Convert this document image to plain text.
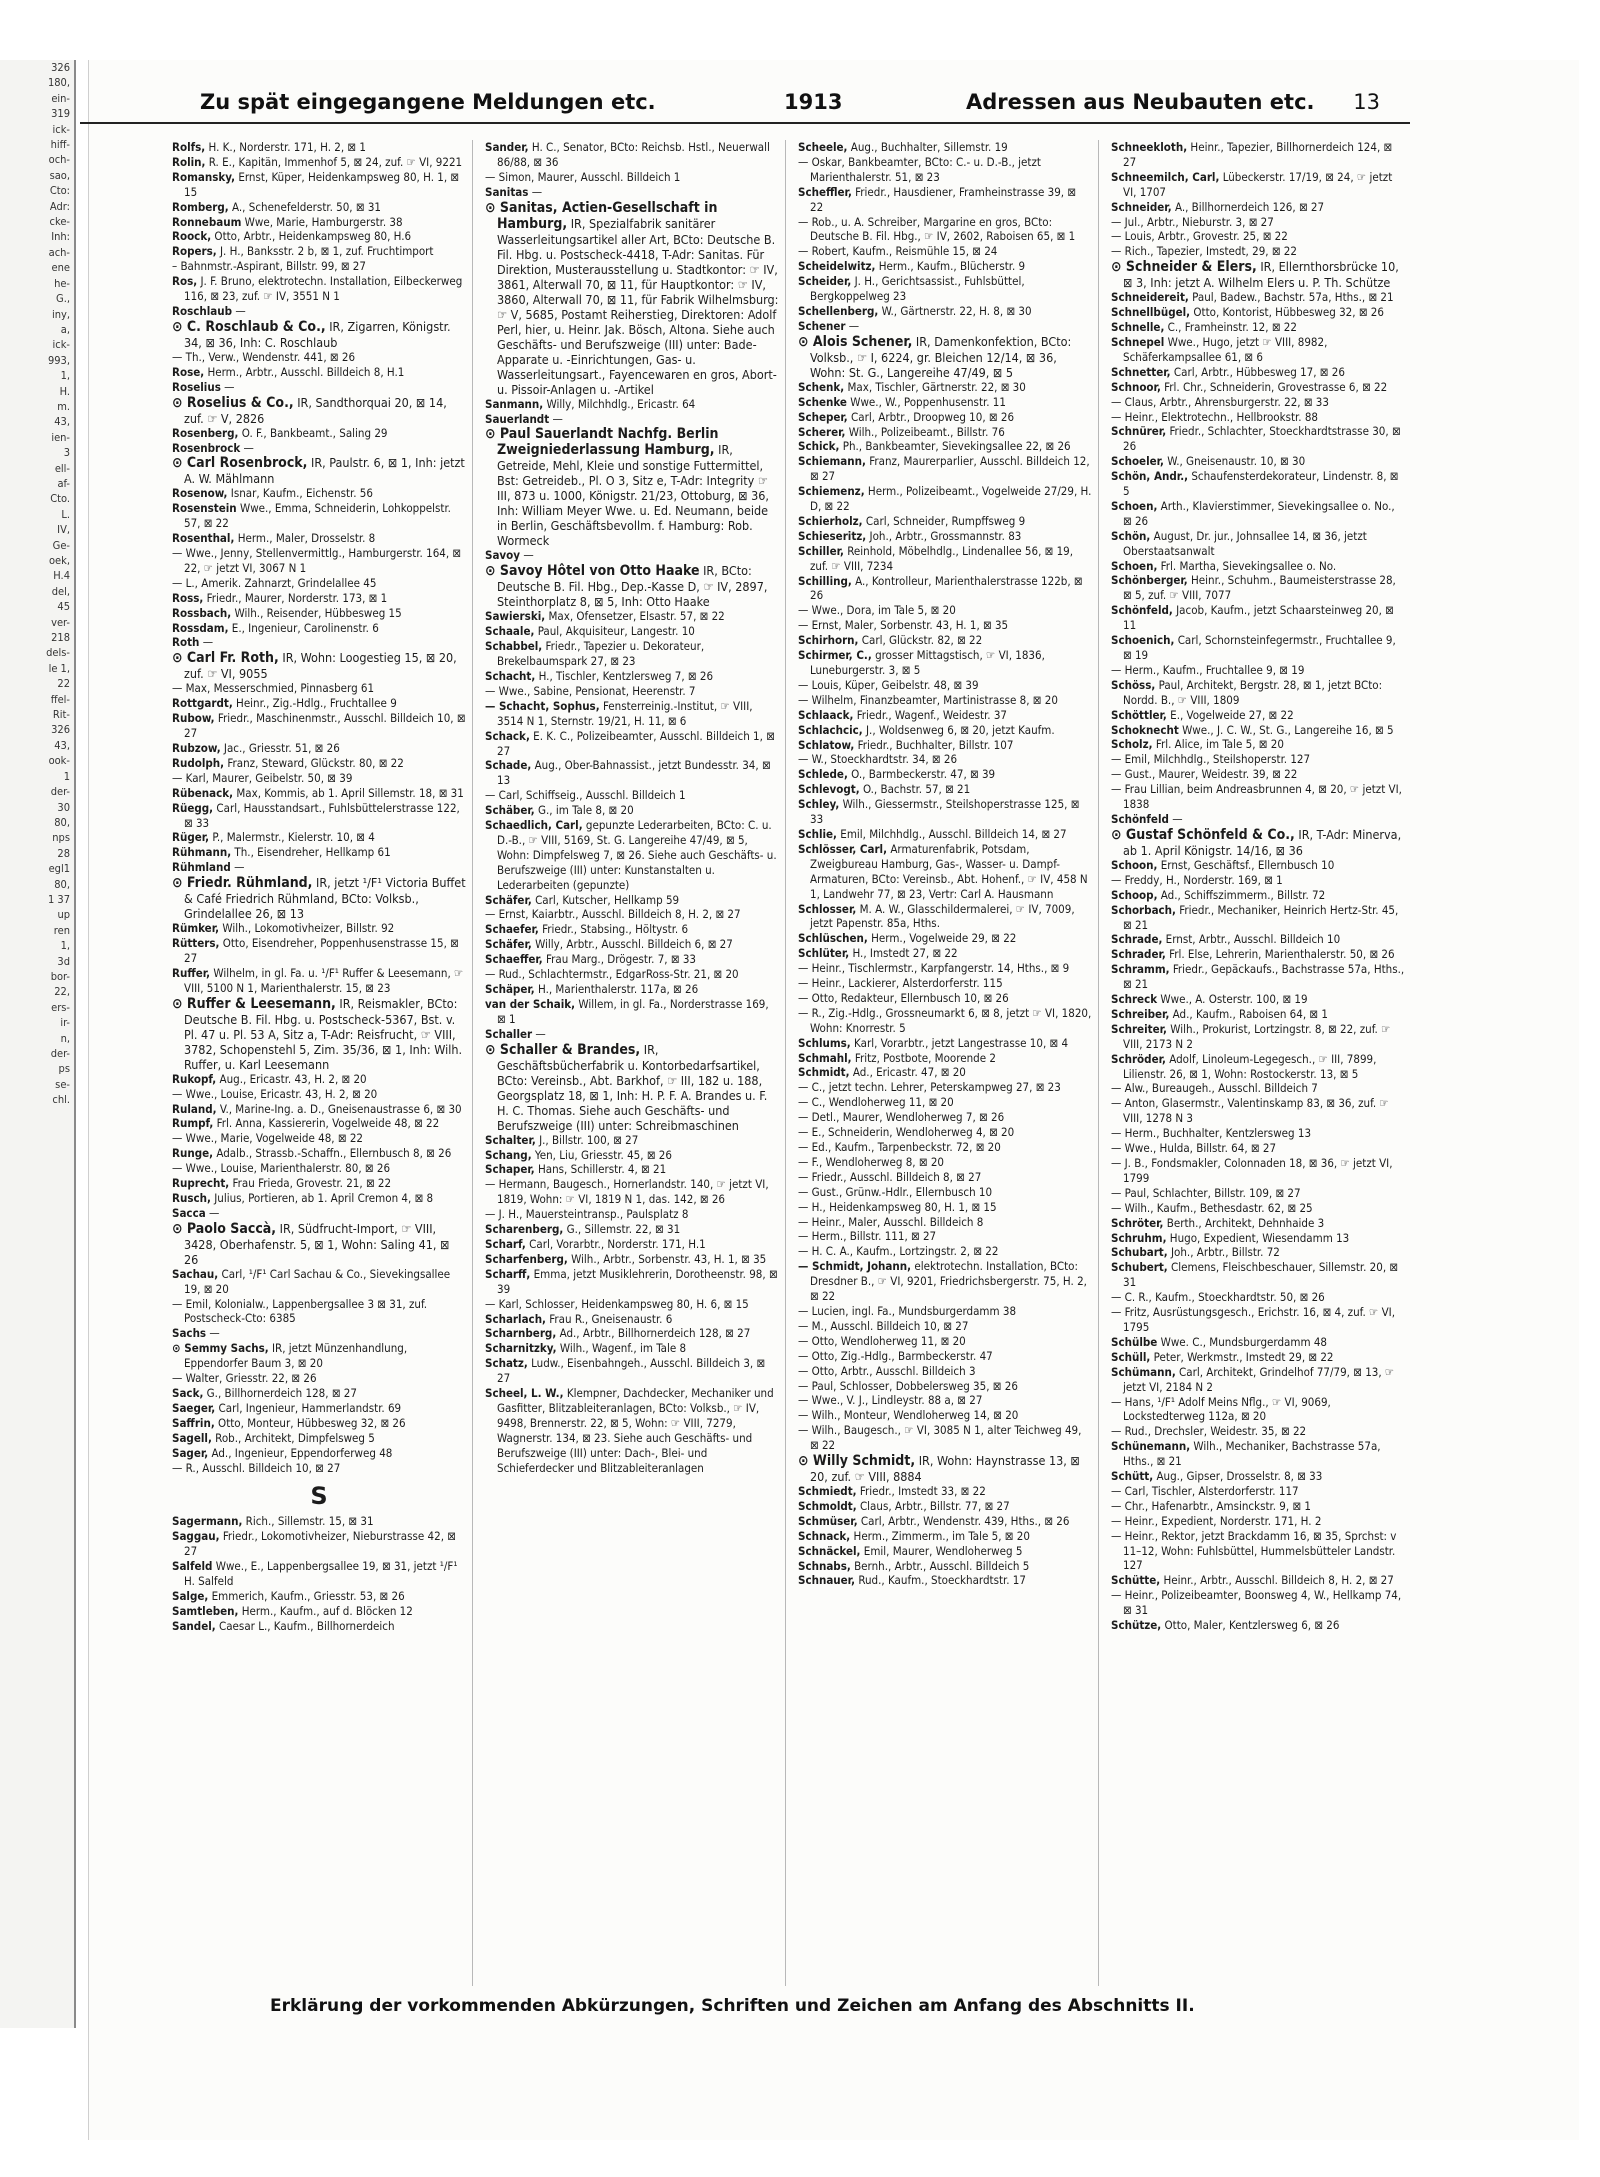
326
180,
ein-
319
ick-
hiff-
och-
sao,
Cto:
Adr:
cke-
Inh:
ach-
ene
he-
G.,
iny,
a,
ick-
993,
1,
H.
m.
43,
ien-
3
ell-
af-
Cto.
L.
IV,
Ge-
oek,
H.4
del,
45
ver-
218
dels-
le 1,
22
ffel-
Rit-
326
43,
ook-
1
der-
30
80,
nps
28
egl1
80,
1 37
up
ren
1,
3d
bor-
22,
ers-
ir-
n,
der-
ps
se-
chl.
Zu spät eingegangene Meldungen etc.	1913	Adressen aus Neubauten etc. 13

Rolfs, H. K., Norderstr. 171, H. 2, ⊠ 1

Rolin, R. E., Kapitän, Immenhof 5, ⊠ 24, zuf. ☞ VI, 9221

Romansky, Ernst, Küper, Heidenkampsweg 80, H. 1, ⊠ 15

Romberg, A., Schenefelderstr. 50, ⊠ 31

Ronnebaum Wwe, Marie, Hamburgerstr. 38

Roock, Otto, Arbtr., Heidenkampsweg 80, H.6

Ropers, J. H., Banksstr. 2 b, ⊠ 1, zuf. Fruchtimport

– Bahnmstr.-Aspirant, Billstr. 99, ⊠ 27

Ros, J. F. Bruno, elektrotechn. Installation, Eilbeckerweg 116, ⊠ 23, zuf. ☞ IV, 3551 N 1

Roschlaub —

⊙ C. Roschlaub & Co., IR, Zigarren, Königstr. 34, ⊠ 36, Inh: C. Roschlaub

— Th., Verw., Wendenstr. 441, ⊠ 26

Rose, Herm., Arbtr., Ausschl. Billdeich 8, H.1

Roselius —

⊙ Roselius & Co., IR, Sandthorquai 20, ⊠ 14, zuf. ☞ V, 2826

Rosenberg, O. F., Bankbeamt., Saling 29

Rosenbrock —

⊙ Carl Rosenbrock, IR, Paulstr. 6, ⊠ 1, Inh: jetzt A. W. Mählmann

Rosenow, Isnar, Kaufm., Eichenstr. 56

Rosenstein Wwe., Emma, Schneiderin, Lohkoppelstr. 57, ⊠ 22

Rosenthal, Herm., Maler, Drosselstr. 8

— Wwe., Jenny, Stellenvermittlg., Hamburgerstr. 164, ⊠ 22, ☞ jetzt VI, 3067 N 1

— L., Amerik. Zahnarzt, Grindelallee 45

Ross, Friedr., Maurer, Norderstr. 173, ⊠ 1

Rossbach, Wilh., Reisender, Hübbesweg 15

Rossdam, E., Ingenieur, Carolinenstr. 6

Roth —

⊙ Carl Fr. Roth, IR, Wohn: Loogestieg 15, ⊠ 20, zuf. ☞ VI, 9055

— Max, Messerschmied, Pinnasberg 61

Rottgardt, Heinr., Zig.-Hdlg., Fruchtallee 9

Rubow, Friedr., Maschinenmstr., Ausschl. Billdeich 10, ⊠ 27

Rubzow, Jac., Griesstr. 51, ⊠ 26

Rudolph, Franz, Steward, Glückstr. 80, ⊠ 22

— Karl, Maurer, Geibelstr. 50, ⊠ 39

Rübenack, Max, Kommis, ab 1. April Sillemstr. 18, ⊠ 31

Rüegg, Carl, Hausstandsart., Fuhlsbüttelerstrasse 122, ⊠ 33

Rüger, P., Malermstr., Kielerstr. 10, ⊠ 4

Rühmann, Th., Eisendreher, Hellkamp 61

Rühmland —

⊙ Friedr. Rühmland, IR, jetzt ¹/F¹ Victoria Buffet & Café Friedrich Rühmland, BCto: Volksb., Grindelallee 26, ⊠ 13

Rümker, Wilh., Lokomotivheizer, Billstr. 92

Rütters, Otto, Eisendreher, Poppenhusenstrasse 15, ⊠ 27

Ruffer, Wilhelm, in gl. Fa. u. ¹/F¹ Ruffer & Leesemann, ☞ VIII, 5100 N 1, Marienthalerstr. 15, ⊠ 23

⊙ Ruffer & Leesemann, IR, Reismakler, BCto: Deutsche B. Fil. Hbg. u. Postscheck-5367, Bst. v. Pl. 47 u. Pl. 53 A, Sitz a, T-Adr: Reisfrucht, ☞ VIII, 3782, Schopenstehl 5, Zim. 35/36, ⊠ 1, Inh: Wilh. Ruffer, u. Karl Leesemann

Rukopf, Aug., Ericastr. 43, H. 2, ⊠ 20

— Wwe., Louise, Ericastr. 43, H. 2, ⊠ 20

Ruland, V., Marine-Ing. a. D., Gneisenaustrasse 6, ⊠ 30

Rumpf, Frl. Anna, Kassiererin, Vogelweide 48, ⊠ 22

— Wwe., Marie, Vogelweide 48, ⊠ 22

Runge, Adalb., Strassb.-Schaffn., Ellernbusch 8, ⊠ 26

— Wwe., Louise, Marienthalerstr. 80, ⊠ 26

Ruprecht, Frau Frieda, Grovestr. 21, ⊠ 22

Rusch, Julius, Portieren, ab 1. April Cremon 4, ⊠ 8

Sacca —

⊙ Paolo Saccà, IR, Südfrucht-Import, ☞ VIII, 3428, Oberhafenstr. 5, ⊠ 1, Wohn: Saling 41, ⊠ 26

Sachau, Carl, ¹/F¹ Carl Sachau & Co., Sievekingsallee 19, ⊠ 20

— Emil, Kolonialw., Lappenbergsallee 3 ⊠ 31, zuf. Postscheck-Cto: 6385

Sachs —

⊙ Semmy Sachs, IR, jetzt Münzenhandlung, Eppendorfer Baum 3, ⊠ 20

— Walter, Griesstr. 22, ⊠ 26

Sack, G., Billhornerdeich 128, ⊠ 27

Saeger, Carl, Ingenieur, Hammerlandstr. 69

Saffrin, Otto, Monteur, Hübbesweg 32, ⊠ 26

Sagell, Rob., Architekt, Dimpfelsweg 5

Sager, Ad., Ingenieur, Eppendorferweg 48

— R., Ausschl. Billdeich 10, ⊠ 27

S

Sagermann, Rich., Sillemstr. 15, ⊠ 31

Saggau, Friedr., Lokomotivheizer, Nieburstrasse 42, ⊠ 27

Salfeld Wwe., E., Lappenbergsallee 19, ⊠ 31, jetzt ¹/F¹ H. Salfeld

Salge, Emmerich, Kaufm., Griesstr. 53, ⊠ 26

Samtleben, Herm., Kaufm., auf d. Blöcken 12

Sandel, Caesar L., Kaufm., Billhornerdeich

Sander, H. C., Senator, BCto: Reichsb. Hstl., Neuerwall 86/88, ⊠ 36

— Simon, Maurer, Ausschl. Billdeich 1

Sanitas —

⊙ Sanitas, Actien-Gesellschaft in Hamburg, IR, Spezialfabrik sanitärer Wasserleitungsartikel aller Art, BCto: Deutsche B. Fil. Hbg. u. Postscheck-4418, T-Adr: Sanitas. Für Direktion, Musterausstellung u. Stadtkontor: ☞ IV, 3861, Alterwall 70, ⊠ 11, für Hauptkontor: ☞ IV, 3860, Alterwall 70, ⊠ 11, für Fabrik Wilhelmsburg: ☞ V, 5685, Postamt Reiherstieg, Direktoren: Adolf Perl, hier, u. Heinr. Jak. Bösch, Altona. Siehe auch Geschäfts- und Berufszweige (III) unter: Bade-Apparate u. -Einrichtungen, Gas- u. Wasserleitungsart., Fayencewaren en gros, Abort- u. Pissoir-Anlagen u. -Artikel

Sanmann, Willy, Milchhdlg., Ericastr. 64

Sauerlandt —

⊙ Paul Sauerlandt Nachfg. Berlin Zweigniederlassung Hamburg, IR, Getreide, Mehl, Kleie und sonstige Futtermittel, Bst: Getreideb., Pl. O 3, Sitz e, T-Adr: Integrity ☞ III, 873 u. 1000, Königstr. 21/23, Ottoburg, ⊠ 36, Inh: William Meyer Wwe. u. Ed. Neumann, beide in Berlin, Geschäftsbevollm. f. Hamburg: Rob. Wormeck

Savoy —

⊙ Savoy Hôtel von Otto Haake IR, BCto: Deutsche B. Fil. Hbg., Dep.-Kasse D, ☞ IV, 2897, Steinthorplatz 8, ⊠ 5, Inh: Otto Haake

Sawierski, Max, Ofensetzer, Elsastr. 57, ⊠ 22

Schaale, Paul, Akquisiteur, Langestr. 10

Schabbel, Friedr., Tapezier u. Dekorateur, Brekelbaumspark 27, ⊠ 23

Schacht, H., Tischler, Kentzlersweg 7, ⊠ 26

— Wwe., Sabine, Pensionat, Heerenstr. 7

— Schacht, Sophus, Fensterreinig.-Institut, ☞ VIII, 3514 N 1, Sternstr. 19/21, H. 11, ⊠ 6

Schack, E. K. C., Polizeibeamter, Ausschl. Billdeich 1, ⊠ 27

Schade, Aug., Ober-Bahnassist., jetzt Bundesstr. 34, ⊠ 13

— Carl, Schiffseig., Ausschl. Billdeich 1

Schäber, G., im Tale 8, ⊠ 20

Schaedlich, Carl, gepunzte Lederarbeiten, BCto: C. u. D.-B., ☞ VIII, 5169, St. G. Langereihe 47/49, ⊠ 5, Wohn: Dimpfelsweg 7, ⊠ 26. Siehe auch Geschäfts- u. Berufszweige (III) unter: Kunstanstalten u. Lederarbeiten (gepunzte)

Schäfer, Carl, Kutscher, Hellkamp 59

— Ernst, Kaiarbtr., Ausschl. Billdeich 8, H. 2, ⊠ 27

Schaefer, Friedr., Stabsing., Höltystr. 6

Schäfer, Willy, Arbtr., Ausschl. Billdeich 6, ⊠ 27

Schaeffer, Frau Marg., Drögestr. 7, ⊠ 33

— Rud., Schlachtermstr., EdgarRoss-Str. 21, ⊠ 20

Schäper, H., Marienthalerstr. 117a, ⊠ 26

van der Schaik, Willem, in gl. Fa., Norderstrasse 169, ⊠ 1

Schaller —

⊙ Schaller & Brandes, IR, Geschäftsbücherfabrik u. Kontorbedarfsartikel, BCto: Vereinsb., Abt. Barkhof, ☞ III, 182 u. 188, Georgsplatz 18, ⊠ 1, Inh: H. P. F. A. Brandes u. F. H. C. Thomas. Siehe auch Geschäfts- und Berufszweige (III) unter: Schreibmaschinen

Schalter, J., Billstr. 100, ⊠ 27

Schang, Yen, Liu, Griesstr. 45, ⊠ 26

Schaper, Hans, Schillerstr. 4, ⊠ 21

— Hermann, Baugesch., Hornerlandstr. 140, ☞ jetzt VI, 1819, Wohn: ☞ VI, 1819 N 1, das. 142, ⊠ 26

— J. H., Mauersteintransp., Paulsplatz 8

Scharenberg, G., Sillemstr. 22, ⊠ 31

Scharf, Carl, Vorarbtr., Norderstr. 171, H.1

Scharfenberg, Wilh., Arbtr., Sorbenstr. 43, H. 1, ⊠ 35

Scharff, Emma, jetzt Musiklehrerin, Dorotheenstr. 98, ⊠ 39

— Karl, Schlosser, Heidenkampsweg 80, H. 6, ⊠ 15

Scharlach, Frau R., Gneisenaustr. 6

Scharnberg, Ad., Arbtr., Billhornerdeich 128, ⊠ 27

Scharnitzky, Wilh., Wagenf., im Tale 8

Schatz, Ludw., Eisenbahngeh., Ausschl. Billdeich 3, ⊠ 27

Scheel, L. W., Klempner, Dachdecker, Mechaniker und Gasfitter, Blitzableiteranlagen, BCto: Volksb., ☞ IV, 9498, Brennerstr. 22, ⊠ 5, Wohn: ☞ VIII, 7279, Wagnerstr. 134, ⊠ 23. Siehe auch Geschäfts- und Berufszweige (III) unter: Dach-, Blei- und Schieferdecker und Blitzableiteranlagen

Scheele, Aug., Buchhalter, Sillemstr. 19

— Oskar, Bankbeamter, BCto: C.- u. D.-B., jetzt Marienthalerstr. 51, ⊠ 23

Scheffler, Friedr., Hausdiener, Framheinstrasse 39, ⊠ 22

— Rob., u. A. Schreiber, Margarine en gros, BCto: Deutsche B. Fil. Hbg., ☞ IV, 2602, Raboisen 65, ⊠ 1

— Robert, Kaufm., Reismühle 15, ⊠ 24

Scheidelwitz, Herm., Kaufm., Blücherstr. 9

Scheider, J. H., Gerichtsassist., Fuhlsbüttel, Bergkoppelweg 23

Schellenberg, W., Gärtnerstr. 22, H. 8, ⊠ 30

Schener —

⊙ Alois Schener, IR, Damenkonfektion, BCto: Volksb., ☞ I, 6224, gr. Bleichen 12/14, ⊠ 36, Wohn: St. G., Langereihe 47/49, ⊠ 5

Schenk, Max, Tischler, Gärtnerstr. 22, ⊠ 30

Schenke Wwe., W., Poppenhusenstr. 11

Scheper, Carl, Arbtr., Droopweg 10, ⊠ 26

Scherer, Wilh., Polizeibeamt., Billstr. 76

Schick, Ph., Bankbeamter, Sievekingsallee 22, ⊠ 26

Schiemann, Franz, Maurerparlier, Ausschl. Billdeich 12, ⊠ 27

Schiemenz, Herm., Polizeibeamt., Vogelweide 27/29, H. D, ⊠ 22

Schierholz, Carl, Schneider, Rumpffsweg 9

Schieseritz, Joh., Arbtr., Grossmannstr. 83

Schiller, Reinhold, Möbelhdlg., Lindenallee 56, ⊠ 19, zuf. ☞ VIII, 7234

Schilling, A., Kontrolleur, Marienthalerstrasse 122b, ⊠ 26

— Wwe., Dora, im Tale 5, ⊠ 20

— Ernst, Maler, Sorbenstr. 43, H. 1, ⊠ 35

Schirhorn, Carl, Glückstr. 82, ⊠ 22

Schirmer, C., grosser Mittagstisch, ☞ VI, 1836, Luneburgerstr. 3, ⊠ 5

— Louis, Küper, Geibelstr. 48, ⊠ 39

— Wilhelm, Finanzbeamter, Martinistrasse 8, ⊠ 20

Schlaack, Friedr., Wagenf., Weidestr. 37

Schlachcic, J., Woldsenweg 6, ⊠ 20, jetzt Kaufm.

Schlatow, Friedr., Buchhalter, Billstr. 107

— W., Stoeckhardtstr. 34, ⊠ 26

Schlede, O., Barmbeckerstr. 47, ⊠ 39

Schlevogt, O., Bachstr. 57, ⊠ 21

Schley, Wilh., Giessermstr., Steilshoperstrasse 125, ⊠ 33

Schlie, Emil, Milchhdlg., Ausschl. Billdeich 14, ⊠ 27

Schlösser, Carl, Armaturenfabrik, Potsdam, Zweigbureau Hamburg, Gas-, Wasser- u. Dampf-Armaturen, BCto: Vereinsb., Abt. Hohenf., ☞ IV, 458 N 1, Landwehr 77, ⊠ 23, Vertr: Carl A. Hausmann

Schlosser, M. A. W., Glasschildermalerei, ☞ IV, 7009, jetzt Papenstr. 85a, Hths.

Schlüschen, Herm., Vogelweide 29, ⊠ 22

Schlüter, H., Imstedt 27, ⊠ 22

— Heinr., Tischlermstr., Karpfangerstr. 14, Hths., ⊠ 9

— Heinr., Lackierer, Alsterdorferstr. 115

— Otto, Redakteur, Ellernbusch 10, ⊠ 26

— R., Zig.-Hdlg., Grossneumarkt 6, ⊠ 8, jetzt ☞ VI, 1820, Wohn: Knorrestr. 5

Schlums, Karl, Vorarbtr., jetzt Langestrasse 10, ⊠ 4

Schmahl, Fritz, Postbote, Moorende 2

Schmidt, Ad., Ericastr. 47, ⊠ 20

— C., jetzt techn. Lehrer, Peterskampweg 27, ⊠ 23

— C., Wendloherweg 11, ⊠ 20

— Detl., Maurer, Wendloherweg 7, ⊠ 26

— E., Schneiderin, Wendloherweg 4, ⊠ 20

— Ed., Kaufm., Tarpenbeckstr. 72, ⊠ 20

— F., Wendloherweg 8, ⊠ 20

— Friedr., Ausschl. Billdeich 8, ⊠ 27

— Gust., Grünw.-Hdlr., Ellernbusch 10

— H., Heidenkampsweg 80, H. 1, ⊠ 15

— Heinr., Maler, Ausschl. Billdeich 8

— Herm., Billstr. 111, ⊠ 27

— H. C. A., Kaufm., Lortzingstr. 2, ⊠ 22

— Schmidt, Johann, elektrotechn. Installation, BCto: Dresdner B., ☞ VI, 9201, Friedrichsbergerstr. 75, H. 2, ⊠ 22

— Lucien, ingl. Fa., Mundsburgerdamm 38

— M., Ausschl. Billdeich 10, ⊠ 27

— Otto, Wendloherweg 11, ⊠ 20

— Otto, Zig.-Hdlg., Barmbeckerstr. 47

— Otto, Arbtr., Ausschl. Billdeich 3

— Paul, Schlosser, Dobbelersweg 35, ⊠ 26

— Wwe., V. J., Lindleystr. 88 a, ⊠ 27

— Wilh., Monteur, Wendloherweg 14, ⊠ 20

— Wilh., Baugesch., ☞ VI, 3085 N 1, alter Teichweg 49, ⊠ 22

⊙ Willy Schmidt, IR, Wohn: Haynstrasse 13, ⊠ 20, zuf. ☞ VIII, 8884

Schmiedt, Friedr., Imstedt 33, ⊠ 22

Schmoldt, Claus, Arbtr., Billstr. 77, ⊠ 27

Schmüser, Carl, Arbtr., Wendenstr. 439, Hths., ⊠ 26

Schnack, Herm., Zimmerm., im Tale 5, ⊠ 20

Schnäckel, Emil, Maurer, Wendloherweg 5

Schnabs, Bernh., Arbtr., Ausschl. Billdeich 5

Schnauer, Rud., Kaufm., Stoeckhardtstr. 17

Schneekloth, Heinr., Tapezier, Billhornerdeich 124, ⊠ 27

Schneemilch, Carl, Lübeckerstr. 17/19, ⊠ 24, ☞ jetzt VI, 1707

Schneider, A., Billhornerdeich 126, ⊠ 27

— Jul., Arbtr., Nieburstr. 3, ⊠ 27

— Louis, Arbtr., Grovestr. 25, ⊠ 22

— Rich., Tapezier, Imstedt, 29, ⊠ 22

⊙ Schneider & Elers, IR, Ellernthorsbrücke 10, ⊠ 3, Inh: jetzt A. Wilhelm Elers u. P. Th. Schütze

Schneidereit, Paul, Badew., Bachstr. 57a, Hths., ⊠ 21

Schnellbügel, Otto, Kontorist, Hübbesweg 32, ⊠ 26

Schnelle, C., Framheinstr. 12, ⊠ 22

Schnepel Wwe., Hugo, jetzt ☞ VIII, 8982, Schäferkampsallee 61, ⊠ 6

Schnetter, Carl, Arbtr., Hübbesweg 17, ⊠ 26

Schnoor, Frl. Chr., Schneiderin, Grovestrasse 6, ⊠ 22

— Claus, Arbtr., Ahrensburgerstr. 22, ⊠ 33

— Heinr., Elektrotechn., Hellbrookstr. 88

Schnürer, Friedr., Schlachter, Stoeckhardtstrasse 30, ⊠ 26

Schoeler, W., Gneisenaustr. 10, ⊠ 30

Schön, Andr., Schaufensterdekorateur, Lindenstr. 8, ⊠ 5

Schoen, Arth., Klavierstimmer, Sievekingsallee o. No., ⊠ 26

Schön, August, Dr. jur., Johnsallee 14, ⊠ 36, jetzt Oberstaatsanwalt

Schoen, Frl. Martha, Sievekingsallee o. No.

Schönberger, Heinr., Schuhm., Baumeisterstrasse 28, ⊠ 5, zuf. ☞ VIII, 7077

Schönfeld, Jacob, Kaufm., jetzt Schaarsteinweg 20, ⊠ 11

Schoenich, Carl, Schornsteinfegermstr., Fruchtallee 9, ⊠ 19

— Herm., Kaufm., Fruchtallee 9, ⊠ 19

Schöss, Paul, Architekt, Bergstr. 28, ⊠ 1, jetzt BCto: Nordd. B., ☞ VIII, 1809

Schöttler, E., Vogelweide 27, ⊠ 22

Schoknecht Wwe., J. C. W., St. G., Langereihe 16, ⊠ 5

Scholz, Frl. Alice, im Tale 5, ⊠ 20

— Emil, Milchhdlg., Steilshoperstr. 127

— Gust., Maurer, Weidestr. 39, ⊠ 22

— Frau Lillian, beim Andreasbrunnen 4, ⊠ 20, ☞ jetzt VI, 1838

Schönfeld —

⊙ Gustaf Schönfeld & Co., IR, T-Adr: Minerva, ab 1. April Königstr. 14/16, ⊠ 36

Schoon, Ernst, Geschäftsf., Ellernbusch 10

— Freddy, H., Norderstr. 169, ⊠ 1

Schoop, Ad., Schiffszimmerm., Billstr. 72

Schorbach, Friedr., Mechaniker, Heinrich Hertz-Str. 45, ⊠ 21

Schrade, Ernst, Arbtr., Ausschl. Billdeich 10

Schrader, Frl. Else, Lehrerin, Marienthalerstr. 50, ⊠ 26

Schramm, Friedr., Gepäckaufs., Bachstrasse 57a, Hths., ⊠ 21

Schreck Wwe., A. Osterstr. 100, ⊠ 19

Schreiber, Ad., Kaufm., Raboisen 64, ⊠ 1

Schreiter, Wilh., Prokurist, Lortzingstr. 8, ⊠ 22, zuf. ☞ VIII, 2173 N 2

Schröder, Adolf, Linoleum-Legegesch., ☞ III, 7899, Lilienstr. 26, ⊠ 1, Wohn: Rostockerstr. 13, ⊠ 5

— Alw., Bureaugeh., Ausschl. Billdeich 7

— Anton, Glasermstr., Valentinskamp 83, ⊠ 36, zuf. ☞ VIII, 1278 N 3

— Herm., Buchhalter, Kentzlersweg 13

— Wwe., Hulda, Billstr. 64, ⊠ 27

— J. B., Fondsmakler, Colonnaden 18, ⊠ 36, ☞ jetzt VI, 1799

— Paul, Schlachter, Billstr. 109, ⊠ 27

— Wilh., Kaufm., Bethesdastr. 62, ⊠ 25

Schröter, Berth., Architekt, Dehnhaide 3

Schruhm, Hugo, Expedient, Wiesendamm 13

Schubart, Joh., Arbtr., Billstr. 72

Schubert, Clemens, Fleischbeschauer, Sillemstr. 20, ⊠ 31

— C. R., Kaufm., Stoeckhardtstr. 50, ⊠ 26

— Fritz, Ausrüstungsgesch., Erichstr. 16, ⊠ 4, zuf. ☞ VI, 1795

Schülbe Wwe. C., Mundsburgerdamm 48

Schüll, Peter, Werkmstr., Imstedt 29, ⊠ 22

Schümann, Carl, Architekt, Grindelhof 77/79, ⊠ 13, ☞ jetzt VI, 2184 N 2

— Hans, ¹/F¹ Adolf Meins Nflg., ☞ VI, 9069, Lockstedterweg 112a, ⊠ 20

— Rud., Drechsler, Weidestr. 35, ⊠ 22

Schünemann, Wilh., Mechaniker, Bachstrasse 57a, Hths., ⊠ 21

Schütt, Aug., Gipser, Drosselstr. 8, ⊠ 33

— Carl, Tischler, Alsterdorferstr. 117

— Chr., Hafenarbtr., Amsinckstr. 9, ⊠ 1

— Heinr., Expedient, Norderstr. 171, H. 2

— Heinr., Rektor, jetzt Brackdamm 16, ⊠ 35, Sprchst: v 11–12, Wohn: Fuhlsbüttel, Hummelsbütteler Landstr. 127

Schütte, Heinr., Arbtr., Ausschl. Billdeich 8, H. 2, ⊠ 27

— Heinr., Polizeibeamter, Boonsweg 4, W., Hellkamp 74, ⊠ 31

Schütze, Otto, Maler, Kentzlersweg 6, ⊠ 26

Erklärung der vorkommenden Abkürzungen, Schriften und Zeichen am Anfang des Abschnitts II.
